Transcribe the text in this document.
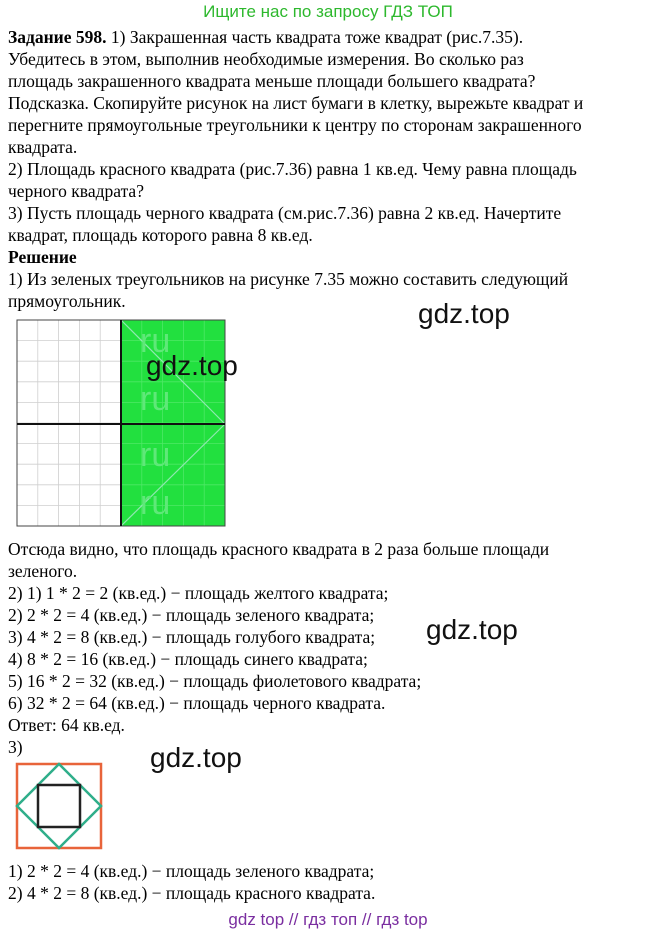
Ищите нас по запросу ГДЗ ТОП
Задание 598. 1) Закрашенная часть квадрата тоже квадрат (рис.7.35).
Убедитесь в этом, выполнив необходимые измерения. Во сколько раз
площадь закрашенного квадрата меньше площади большего квадрата?
Подсказка. Скопируйте рисунок на лист бумаги в клетку, вырежьте квадрат и
перегните прямоугольные треугольники к центру по сторонам закрашенного
квадрата.
2) Площадь красного квадрата (рис.7.36) равна 1 кв.ед. Чему равна площадь
черного квадрата?
3) Пусть площадь черного квадрата (см.рис.7.36) равна 2 кв.ед. Начертите
квадрат, площадь которого равна 8 кв.ед.
Решение
1) Из зеленых треугольников на рисунке 7.35 можно составить следующий
прямоугольник.
ru
ru
ru
ru
gdz.top
gdz.top
Отсюда видно, что площадь красного квадрата в 2 раза больше площади
зеленого.
2) 1) 1 * 2 = 2 (кв.ед.) − площадь желтого квадрата;
2) 2 * 2 = 4 (кв.ед.) − площадь зеленого квадрата;
3) 4 * 2 = 8 (кв.ед.) − площадь голубого квадрата;
4) 8 * 2 = 16 (кв.ед.) − площадь синего квадрата;
5) 16 * 2 = 32 (кв.ед.) − площадь фиолетового квадрата;
6) 32 * 2 = 64 (кв.ед.) − площадь черного квадрата.
Ответ: 64 кв.ед.
3)
gdz.top
gdz.top
1) 2 * 2 = 4 (кв.ед.) − площадь зеленого квадрата;
2) 4 * 2 = 8 (кв.ед.) − площадь красного квадрата.
gdz top // гдз топ // гдз top
